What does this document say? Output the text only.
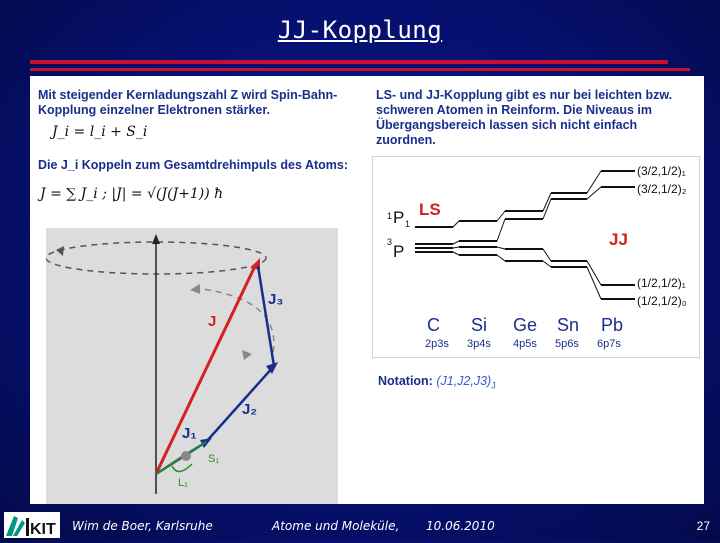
JJ-Kopplung
Mit steigender Kernladungszahl Z wird Spin-Bahn-
Kopplung einzelner Elektronen stärker.
J_i = l_i + S_i
Die J_i Koppeln zum Gesamtdrehimpuls des Atoms:
J = ∑ J_i ; |J| = √(J(J+1)) ħ
LS- und JJ-Kopplung gibt es nur bei leichten bzw.
schweren Atomen in Reinform. Die Niveaus im
Übergangsbereich lassen sich nicht einfach zuordnen.
J
J₃
J₂
J₁
S₁
L₁
1 P 1
LS
3 P
JJ
(3/2,1/2)₁
(3/2,1/2)₂
(1/2,1/2)₁
(1/2,1/2)₀
C Si Ge Sn Pb
2p3s 3p4s 4p5s 5p6s 6p7s
Notation: $(J1,J2,J3)_J$
KIT Wim de Boer, Karlsruhe	Atome und Moleküle, 10.06.2010	27
